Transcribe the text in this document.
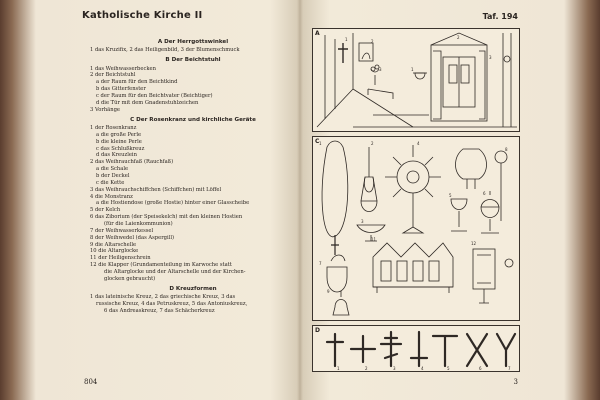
Katholische Kirche II
A Der Herrgottswinkel
1 das Kruzifix, 2 das Heiligenbild, 3 der Blumenschmuck
B Der Beichtstuhl
1 das Weihwasserbecken
2 der Beichtstuhl
a der Raum für den Beichtkind
b das Gitterfenster
c der Raum für den Beichtvater (Beichtiger)
d die Tür mit dem Gnadenstuhlzeichen
3 Vorhänge
C Der Rosenkranz und kirchliche Geräte
1 der Rosenkranz
a die große Perle
b die kleine Perle
c das Schlußkreuz
d das Kreuzlein
2 das Weihrauchfaß (Rauchfaß)
a die Schale
b der Deckel
c die Kette
3 das Weihrauchschiffchen (Schiffchen) mit Löffel
4 die Monstranz
a die Hostiendose (große Hostie) hinter einer Glasscheibe
5 der Kelch
6 das Ziborium (der Speisekelch) mit den kleinen Hostien
(für die Laienkommunion)
7 der Weihwasserkessel
8 der Weihwedel (das Aspergill)
9 die Altarschelle
10 die Altarglocke
11 der Heiligenschrein
12 die Klapper (Grundamenteilung im Karwoche statt
die Altarglocke und der Altarschelle und der Kirchen-
glocken gebraucht)
D Kreuzformen
1 das lateinische Kreuz, 2 das griechische Kreuz, 3 das
russische Kreuz, 4 das Petruskreuz, 5 das Antoniuskreuz,
6 das Andreaskreuz, 7 das Schächerkreuz
804
Taf. 194
A
1	2
3	1
2
3
C 1	2
3
4
5	6
7
8
9
11
12
D
1	2	3	4	5	6	7
3
